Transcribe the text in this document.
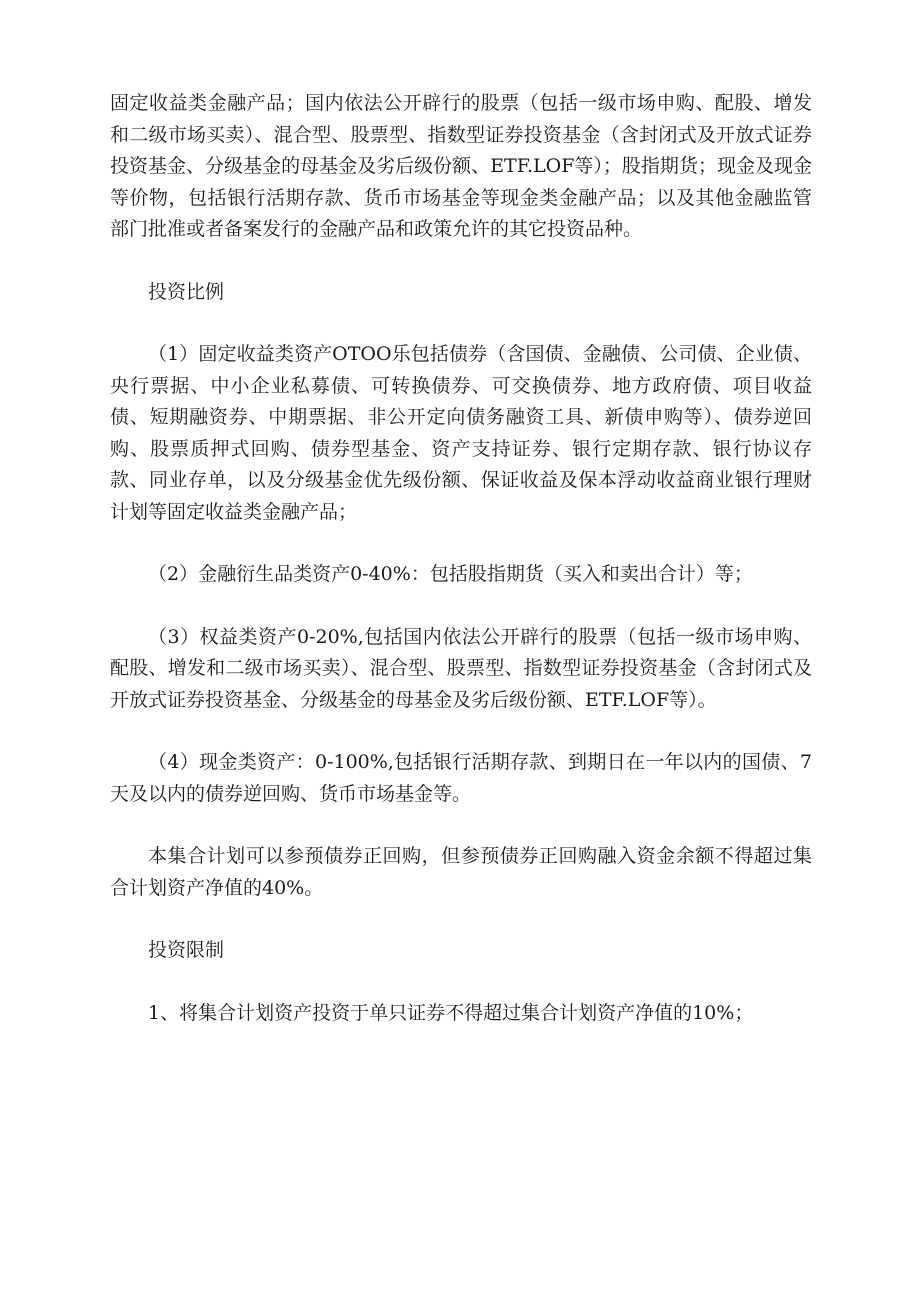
固定收益类金融产品；国内依法公开辟行的股票（包括一级市场申购、配股、增发和二级市场买卖）、混合型、股票型、指数型证券投资基金（含封闭式及开放式证券投资基金、分级基金的母基金及劣后级份额、ETF.LOF等）；股指期货；现金及现金等价物，包括银行活期存款、货币市场基金等现金类金融产品；以及其他金融监管部门批准或者备案发行的金融产品和政策允许的其它投资品种。

投资比例

（1）固定收益类资产OTOO乐包括债券（含国债、金融债、公司债、企业债、央行票据、中小企业私募债、可转换债券、可交换债券、地方政府债、项目收益债、短期融资券、中期票据、非公开定向债务融资工具、新债申购等）、债券逆回购、股票质押式回购、债券型基金、资产支持证券、银行定期存款、银行协议存款、同业存单，以及分级基金优先级份额、保证收益及保本浮动收益商业银行理财计划等固定收益类金融产品；

（2）金融衍生品类资产0-40%：包括股指期货（买入和卖出合计）等；

（3）权益类资产0-20%,包括国内依法公开辟行的股票（包括一级市场申购、配股、增发和二级市场买卖）、混合型、股票型、指数型证券投资基金（含封闭式及开放式证券投资基金、分级基金的母基金及劣后级份额、ETF.LOF等）。

（4）现金类资产：0-100%,包括银行活期存款、到期日在一年以内的国债、7天及以内的债券逆回购、货币市场基金等。

本集合计划可以参预债券正回购，但参预债券正回购融入资金余额不得超过集合计划资产净值的40%。

投资限制

1、将集合计划资产投资于单只证券不得超过集合计划资产净值的10%；
